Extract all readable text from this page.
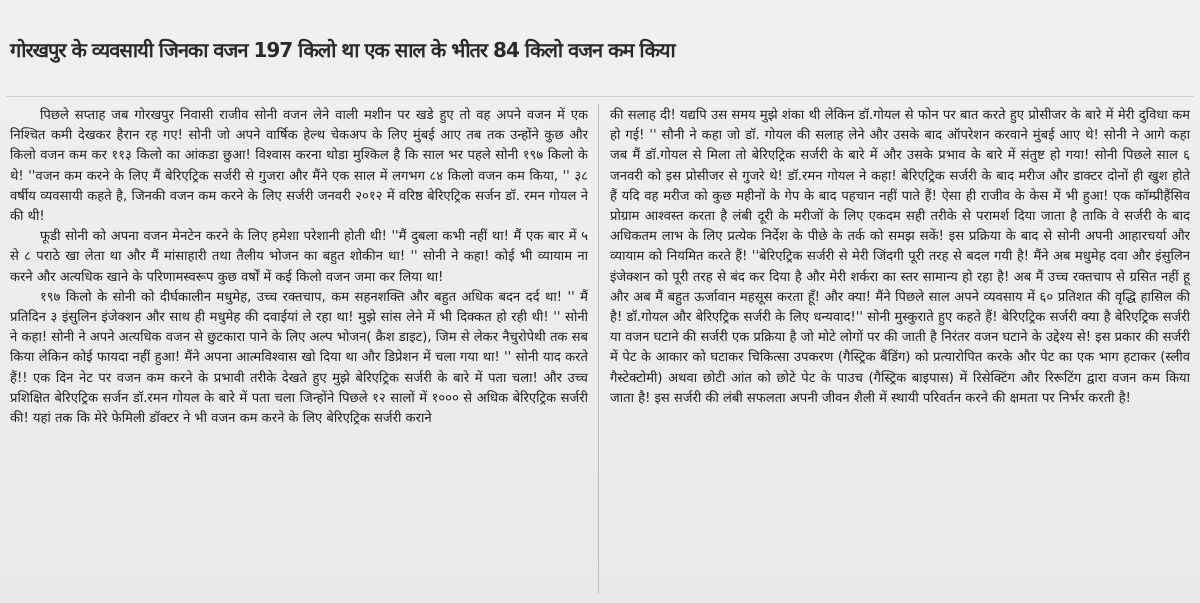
गोरखपुर के व्यवसायी जिनका वजन 197 किलो था एक साल के भीतर 84 किलो वजन कम किया

पिछले सप्ताह जब गोरखपुर निवासी राजीव सोनी वजन लेने वाली मशीन पर खडे हुए तो वह अपने वजन में एक निश्चित कमी देखकर हैरान रह गए! सोनी जो अपने वार्षिक हेल्थ चेकअप के लिए मुंबई आए तब तक उन्होंने कुछ और किलो वजन कम कर ११३ किलो का आंकडा छुआ! विश्वास करना थोडा मुश्किल है कि साल भर पहले सोनी १९७ किलो के थे! ''वजन कम करने के लिए मैं बेरिएट्रिक सर्जरी से गुजरा और मैंने एक साल में लगभग ८४ किलो वजन कम किया, '' ३८ वर्षीय व्यवसायी कहते है, जिनकी वजन कम करने के लिए सर्जरी जनवरी २०१२ में वरिष्ठ बेरिएट्रिक सर्जन डॉ. रमन गोयल ने की थी!

फूडी सोनी को अपना वजन मेनटेन करने के लिए हमेशा परेशानी होती थी! ''मैं दुबला कभी नहीं था! मैं एक बार में ५ से ८ पराठे खा लेता था और मैं मांसाहारी तथा तैलीय भोजन का बहुत शोकीन था! '' सोनी ने कहा! कोई भी व्यायाम ना करने और अत्यधिक खाने के परिणामस्वरूप कुछ वर्षों में कई किलो वजन जमा कर लिया था!

१९७ किलो के सोनी को दीर्घकालीन मधुमेह, उच्च रक्तचाप, कम सहनशक्ति और बहुत अधिक बदन दर्द था! '' मैं प्रतिदिन ३ इंसुलिन इंजेक्शन और साथ ही मधुमेह की दवाईयां ले रहा था! मुझे सांस लेने में भी दिक्कत हो रही थी! '' सोनी ने कहा! सोनी ने अपने अत्यधिक वजन से छुटकारा पाने के लिए अल्प भोजन( क्रैश डाइट), जिम से लेकर नैचुरोपेथी तक सब किया लेकिन कोई फायदा नहीं हुआ! मैंने अपना आत्मविश्वास खो दिया था और डिप्रेशन में चला गया था! '' सोनी याद करते हैं!! एक दिन नेट पर वजन कम करने के प्रभावी तरीके देखते हुए मुझे बेरिएट्रिक सर्जरी के बारे में पता चला! और उच्च प्रशिक्षित बेरिएट्रिक सर्जन डॉ.रमन गोयल के बारे में पता चला जिन्होंने पिछले १२ सालों में १००० से अधिक बेरिएट्रिक सर्जरी की! यहां तक कि मेरे फेमिली डॉक्टर ने भी वजन कम करने के लिए बेरिएट्रिक सर्जरी कराने

की सलाह दी! यद्यपि उस समय मुझे शंका थी लेकिन डॉ.गोयल से फोन पर बात करते हुए प्रोसीजर के बारे में मेरी दुविधा कम हो गई! '' सौनी ने कहा जो डॉ. गोयल की सलाह लेने और उसके बाद ऑपरेशन करवाने मुंबई आए थे! सोनी ने आगे कहा जब मैं डॉ.गोयल से मिला तो बेरिएट्रिक सर्जरी के बारे में और उसके प्रभाव के बारे में संतुष्ट हो गया! सोनी पिछले साल ६ जनवरी को इस प्रोसीजर से गुजरे थे! डॉ.रमन गोयल ने कहा! बेरिएट्रिक सर्जरी के बाद मरीज और डाक्टर दोनों ही खुश होते हैं यदि वह मरीज को कुछ महीनों के गेप के बाद पहचान नहीं पाते हैं! ऐसा ही राजीव के केस में भी हुआ! एक कॉम्प्रीहैंसिव प्रोग्राम आश्वस्त करता है लंबी दूरी के मरीजों के लिए एकदम सही तरीके से परामर्श दिया जाता है ताकि वे सर्जरी के बाद अधिकतम लाभ के लिए प्रत्येक निर्देश के पीछे के तर्क को समझ सकें! इस प्रक्रिया के बाद से सोनी अपनी आहारचर्या और व्यायाम को नियमित करते हैं! ''बेरिएट्रिक सर्जरी से मेरी जिंदगी पूरी तरह से बदल गयी है! मैंने अब मधुमेह दवा और इंसुलिन इंजेक्शन को पूरी तरह से बंद कर दिया है और मेरी शर्करा का स्तर सामान्य हो रहा है! अब मैं उच्च रक्तचाप से ग्रसित नहीं हू और अब मैं बहुत ऊर्जावान महसूस करता हूँ! और क्या! मैंने पिछले साल अपने व्यवसाय में ६० प्रतिशत की वृद्धि हासिल की है! डॉ.गोयल और बेरिएट्रिक सर्जरी के लिए धन्यवाद!'' सोनी मुस्कुराते हुए कहते हैं! बेरिएट्रिक सर्जरी क्या है बेरिएट्रिक सर्जरी या वजन घटाने की सर्जरी एक प्रक्रिया है जो मोटे लोगों पर की जाती है निरंतर वजन घटाने के उद्देश्य से! इस प्रकार की सर्जरी में पेट के आकार को घटाकर चिकित्सा उपकरण (गैस्ट्रिक बैंडिंग) को प्रत्यारोपित करके और पेट का एक भाग हटाकर (स्लीव गैस्टेक्टोमी) अथवा छोटी आंत को छोटे पेट के पाउच (गैस्ट्रिक बाइपास) में रिसेक्टिंग और रिरूटिंग द्वारा वजन कम किया जाता है! इस सर्जरी की लंबी सफलता अपनी जीवन शैली में स्थायी परिवर्तन करने की क्षमता पर निर्भर करती है!
